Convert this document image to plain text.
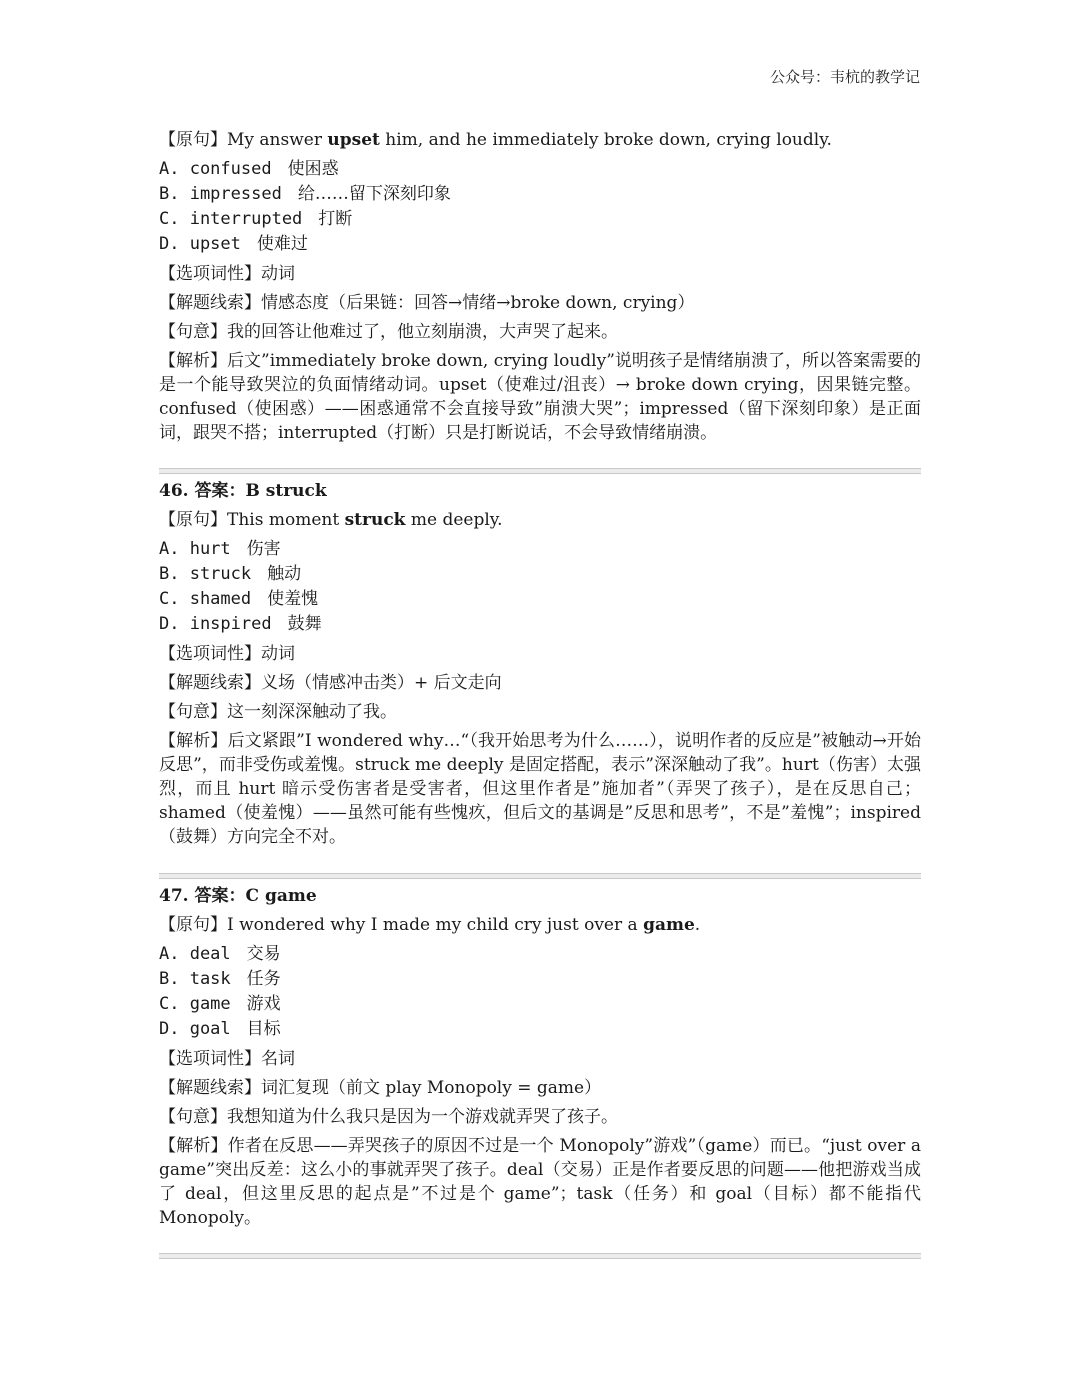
公众号：韦杭的教学记
【原句】My answer upset him, and he immediately broke down, crying loudly.
A. confused 使困惑
B. impressed 给……留下深刻印象
C. interrupted 打断
D. upset 使难过
【选项词性】动词
【解题线索】情感态度（后果链：回答→情绪→broke down, crying）
【句意】我的回答让他难过了，他立刻崩溃，大声哭了起来。
【解析】后文”immediately broke down, crying loudly”说明孩子是情绪崩溃了，所以答案需要的是一个能导致哭泣的负面情绪动词。upset（使难过/沮丧）→ broke down crying，因果链完整。confused（使困惑）——困惑通常不会直接导致”崩溃大哭”；impressed（留下深刻印象）是正面词，跟哭不搭；interrupted（打断）只是打断说话，不会导致情绪崩溃。
46. 答案：B struck
【原句】This moment struck me deeply.
A. hurt 伤害
B. struck 触动
C. shamed 使羞愧
D. inspired 鼓舞
【选项词性】动词
【解题线索】义场（情感冲击类）+ 后文走向
【句意】这一刻深深触动了我。
【解析】后文紧跟”I wondered why…“（我开始思考为什么……），说明作者的反应是”被触动→开始反思”，而非受伤或羞愧。struck me deeply 是固定搭配，表示”深深触动了我”。hurt（伤害）太强烈，而且 hurt 暗示受伤害者是受害者，但这里作者是”施加者”（弄哭了孩子），是在反思自己；shamed（使羞愧）——虽然可能有些愧疚，但后文的基调是”反思和思考”，不是”羞愧”；inspired（鼓舞）方向完全不对。
47. 答案：C game
【原句】I wondered why I made my child cry just over a game.
A. deal 交易
B. task 任务
C. game 游戏
D. goal 目标
【选项词性】名词
【解题线索】词汇复现（前文 play Monopoly = game）
【句意】我想知道为什么我只是因为一个游戏就弄哭了孩子。
【解析】作者在反思——弄哭孩子的原因不过是一个 Monopoly”游戏”（game）而已。“just over a game”突出反差：这么小的事就弄哭了孩子。deal（交易）正是作者要反思的问题——他把游戏当成了 deal，但这里反思的起点是”不过是个 game”；task（任务）和 goal（目标）都不能指代 Monopoly。
